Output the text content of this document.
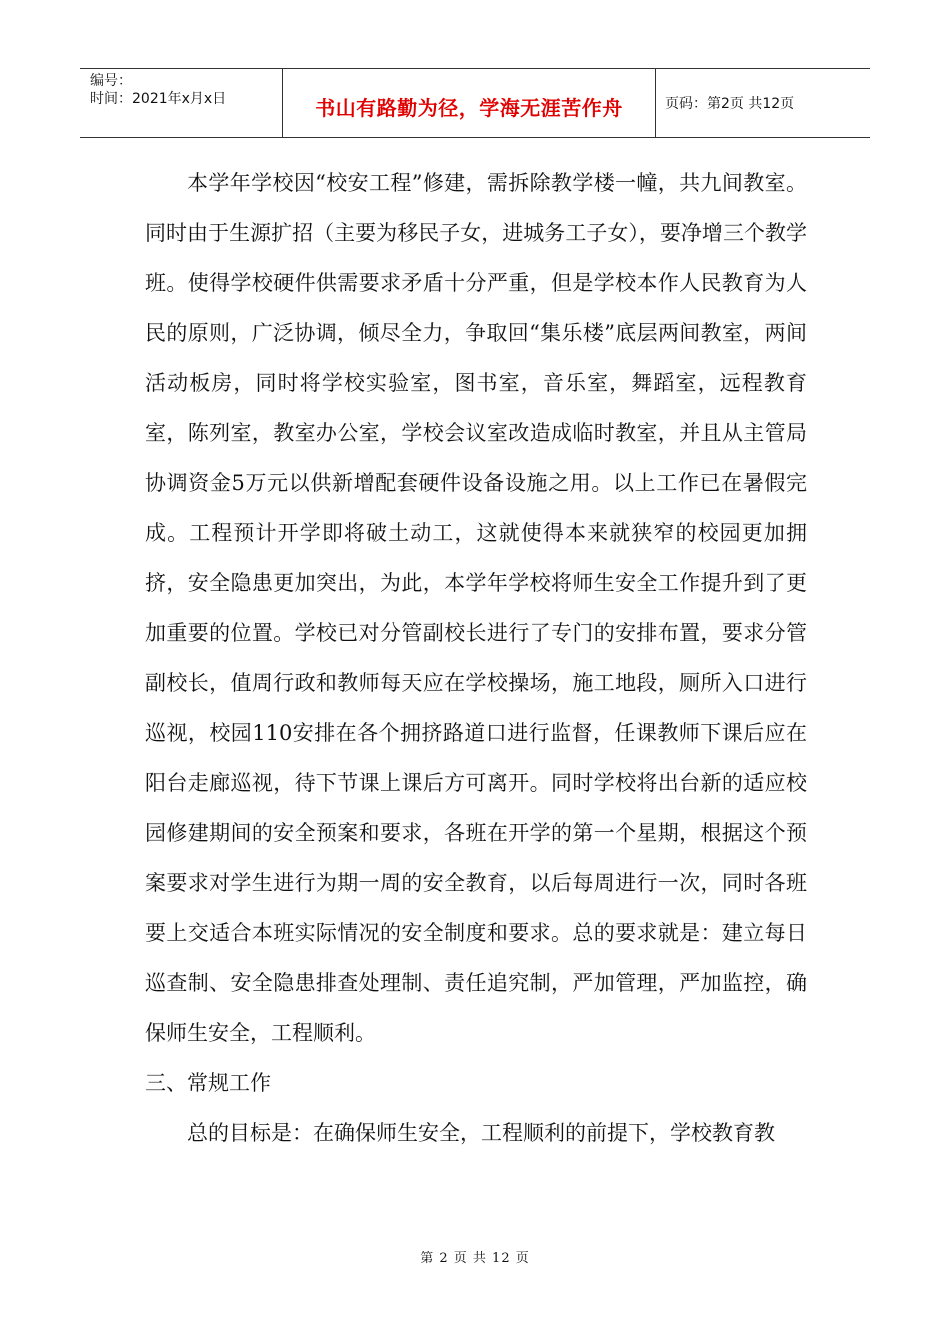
编号：
时间：2021年x月x日	书山有路勤为径，学海无涯苦作舟	页码：第2页 共12页

本学年学校因“校安工程”修建，需拆除教学楼一幢，共九间教室。同时由于生源扩招（主要为移民子女，进城务工子女），要净增三个教学班。使得学校硬件供需要求矛盾十分严重，但是学校本作人民教育为人民的原则，广泛协调，倾尽全力，争取回“集乐楼”底层两间教室，两间活动板房，同时将学校实验室，图书室，音乐室，舞蹈室，远程教育室，陈列室，教室办公室，学校会议室改造成临时教室，并且从主管局协调资金5万元以供新增配套硬件设备设施之用。以上工作已在暑假完成。工程预计开学即将破土动工，这就使得本来就狭窄的校园更加拥挤，安全隐患更加突出，为此，本学年学校将师生安全工作提升到了更加重要的位置。学校已对分管副校长进行了专门的安排布置，要求分管副校长，值周行政和教师每天应在学校操场，施工地段，厕所入口进行巡视，校园110安排在各个拥挤路道口进行监督，任课教师下课后应在阳台走廊巡视，待下节课上课后方可离开。同时学校将出台新的适应校园修建期间的安全预案和要求，各班在开学的第一个星期，根据这个预案要求对学生进行为期一周的安全教育，以后每周进行一次，同时各班要上交适合本班实际情况的安全制度和要求。总的要求就是：建立每日巡查制、安全隐患排查处理制、责任追究制，严加管理，严加监控，确保师生安全，工程顺利。

三、常规工作

总的目标是：在确保师生安全，工程顺利的前提下，学校教育教

第 2 页 共 12 页
